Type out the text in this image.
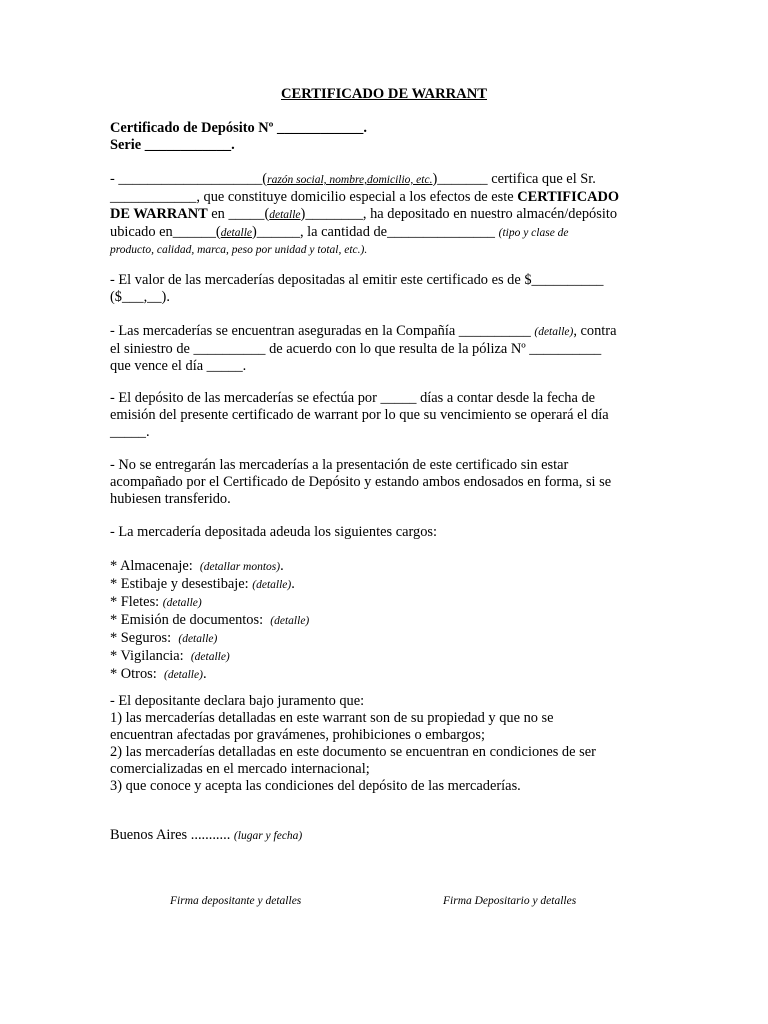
CERTIFICADO DE WARRANT
Certificado de Depósito Nº ____________.
Serie ____________.
- ____________________(razón social, nombre,domicilio, etc.)_______ certifica que el Sr.
____________, que constituye domicilio especial a los efectos de este CERTIFICADO
DE WARRANT en _____(detalle)________, ha depositado en nuestro almacén/depósito
ubicado en______(detalle)______, la cantidad de_______________ (tipo y clase de
producto, calidad, marca, peso por unidad y total, etc.).
- El valor de las mercaderías depositadas al emitir este certificado es de $__________
($___,__).
- Las mercaderías se encuentran aseguradas en la Compañía __________ (detalle), contra
el siniestro de __________ de acuerdo con lo que resulta de la póliza Nº __________
que vence el día _____.
- El depósito de las mercaderías se efectúa por _____ días a contar desde la fecha de
emisión del presente certificado de warrant por lo que su vencimiento se operará el día
_____.
- No se entregarán las mercaderías a la presentación de este certificado sin estar
acompañado por el Certificado de Depósito y estando ambos endosados en forma, si se
hubiesen transferido.
- La mercadería depositada adeuda los siguientes cargos:
* Almacenaje: (detallar montos).
* Estibaje y desestibaje: (detalle).
* Fletes: (detalle)
* Emisión de documentos: (detalle)
* Seguros: (detalle)
* Vigilancia: (detalle)
* Otros: (detalle).
- El depositante declara bajo juramento que:
1) las mercaderías detalladas en este warrant son de su propiedad y que no se
encuentran afectadas por gravámenes, prohibiciones o embargos;
2) las mercaderías detalladas en este documento se encuentran en condiciones de ser
comercializadas en el mercado internacional;
3) que conoce y acepta las condiciones del depósito de las mercaderías.
Buenos Aires ........... (lugar y fecha)
Firma depositante y detalles	Firma Depositario y detalles
